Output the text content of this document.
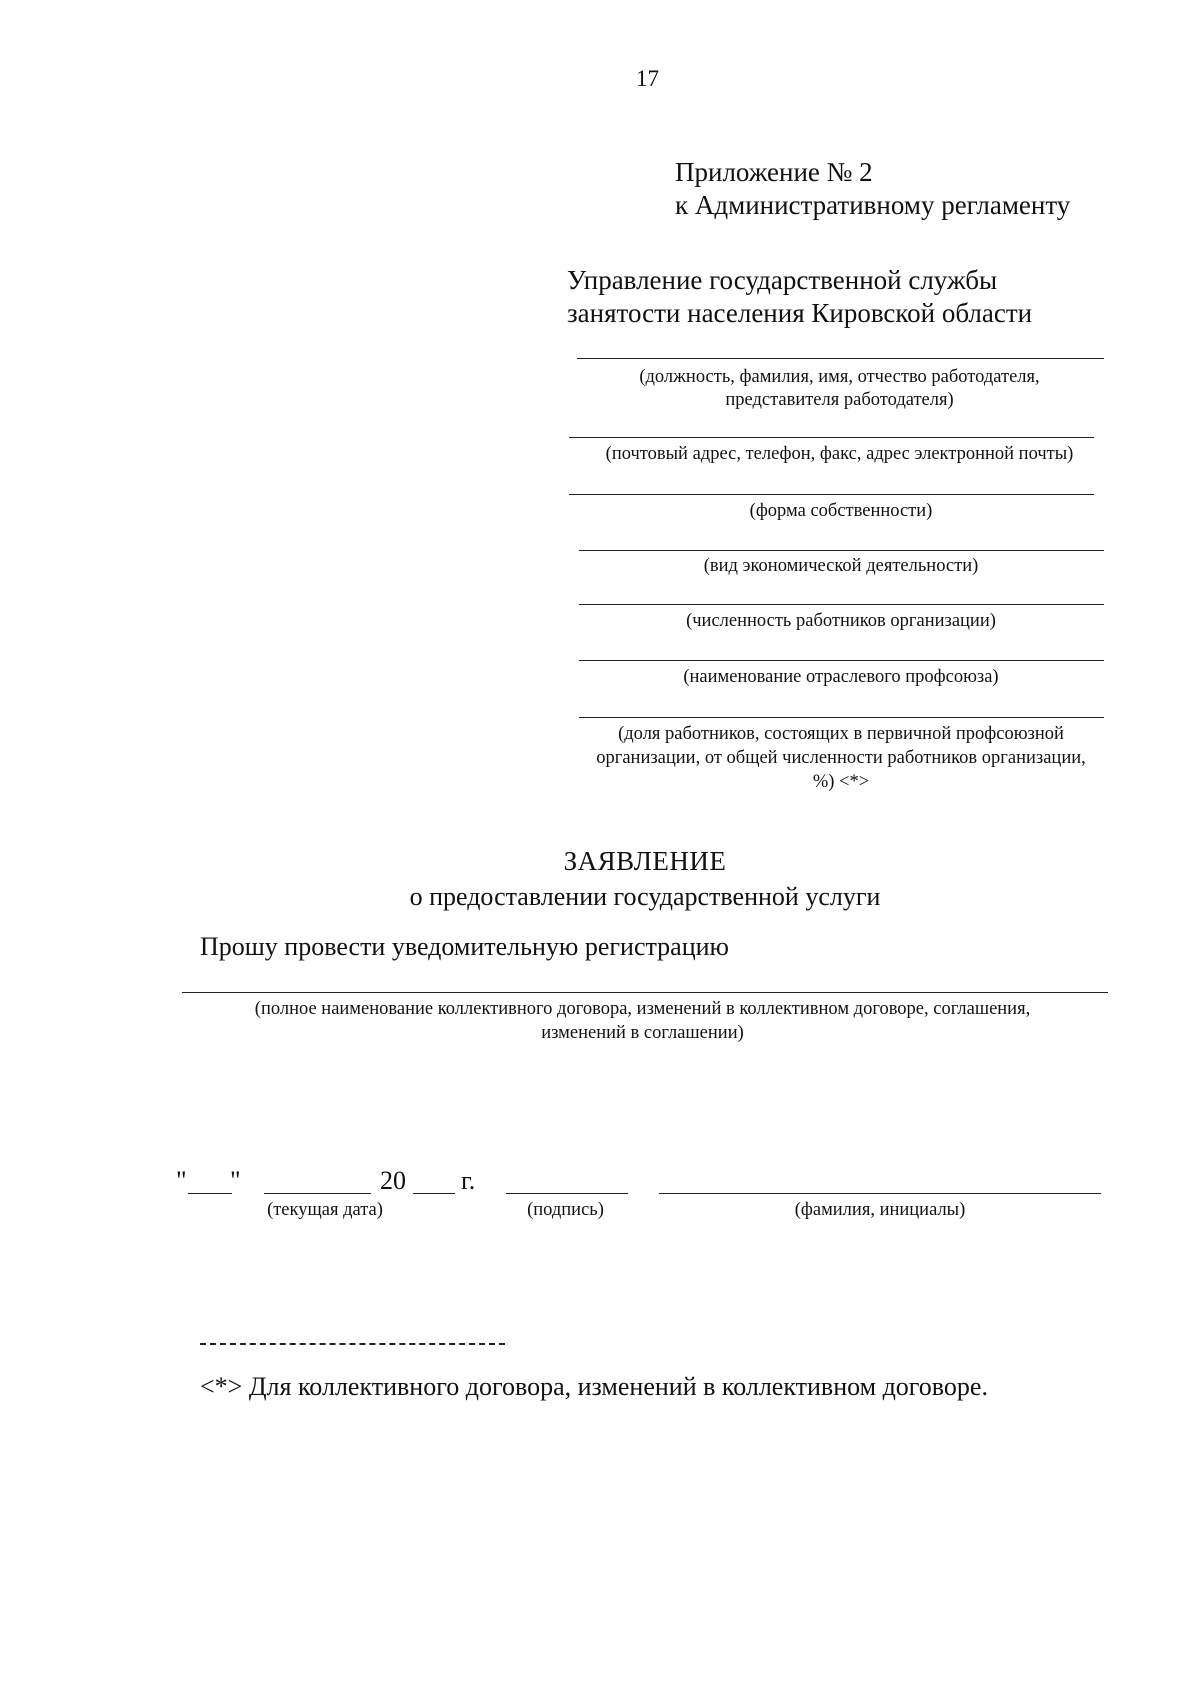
17
Приложение № 2
к Административному регламенту
Управление государственной службы
занятости населения Кировской области
(должность, фамилия, имя, отчество работодателя,
представителя работодателя)
(почтовый адрес, телефон, факс, адрес электронной почты)
(форма собственности)
(вид экономической деятельности)
(численность работников организации)
(наименование отраслевого профсоюза)
(доля работников, состоящих в первичной профсоюзной
организации, от общей численности работников организации,
%) <*>
ЗАЯВЛЕНИЕ
о предоставлении государственной услуги
Прошу провести уведомительную регистрацию
(полное наименование коллективного договора, изменений в коллективном договоре, соглашения,
изменений в соглашении)
" "	20 г.
(текущая дата)	(подпись)	(фамилия, инициалы)
<*> Для коллективного договора, изменений в коллективном договоре.
